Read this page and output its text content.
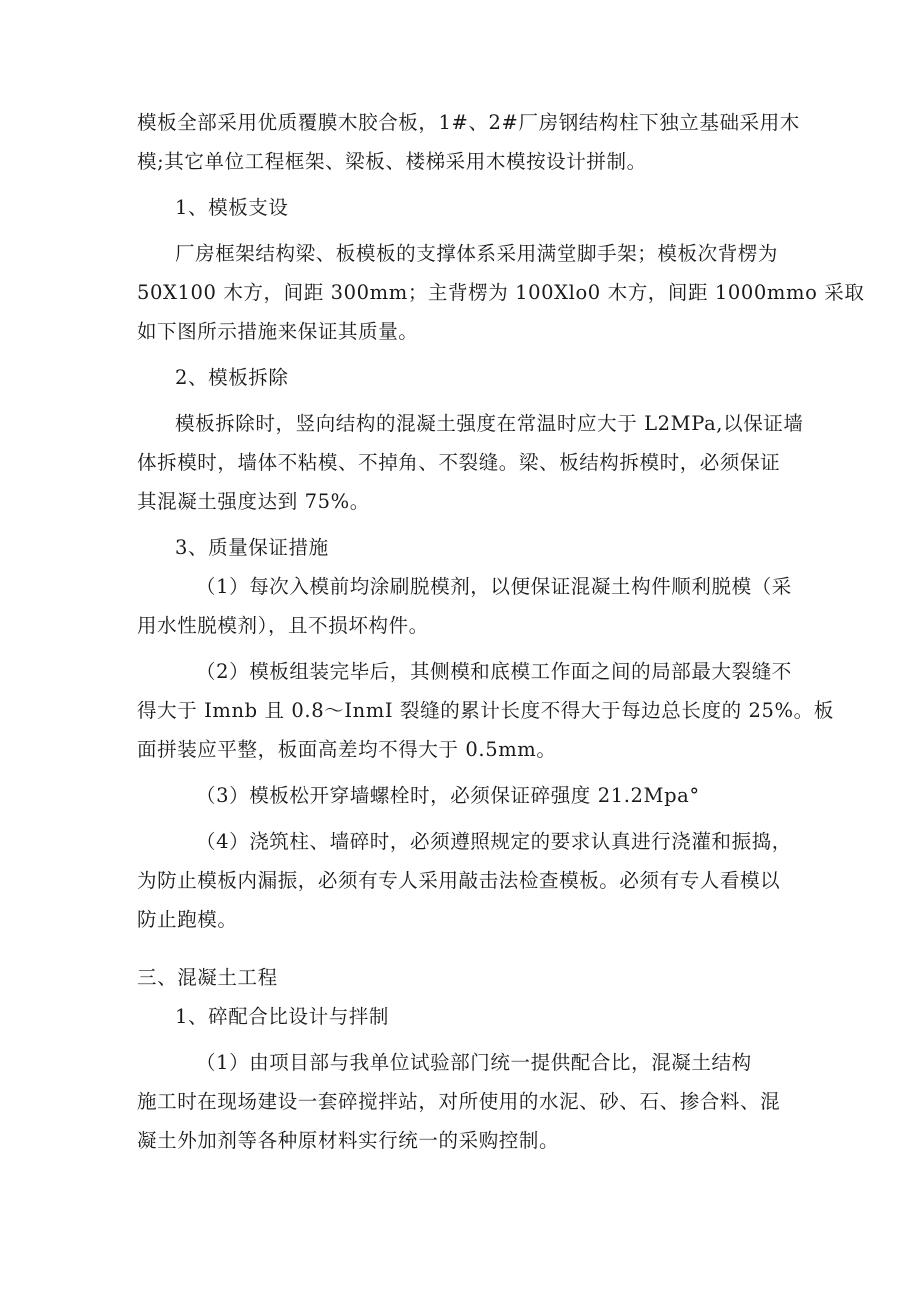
模板全部采用优质覆膜木胶合板，1#、2#厂房钢结构柱下独立基础采用木
模;其它单位工程框架、梁板、楼梯采用木模按设计拼制。
1、模板支设
厂房框架结构梁、板模板的支撑体系采用满堂脚手架；模板次背楞为
50X100 木方，间距 300mm；主背楞为 100Xlo0 木方，间距 1000mmo 采取
如下图所示措施来保证其质量。
2、模板拆除
模板拆除时，竖向结构的混凝土强度在常温时应大于 L2MPa,以保证墙
体拆模时，墙体不粘模、不掉角、不裂缝。梁、板结构拆模时，必须保证
其混凝土强度达到 75%。
3、质量保证措施
（1）每次入模前均涂刷脱模剂，以便保证混凝土构件顺利脱模（采
用水性脱模剂），且不损坏构件。
（2）模板组装完毕后，其侧模和底模工作面之间的局部最大裂缝不
得大于 Imnb 且 0.8～InmI 裂缝的累计长度不得大于每边总长度的 25%。板
面拼装应平整，板面高差均不得大于 0.5mm。
（3）模板松开穿墙螺栓时，必须保证碎强度 21.2Mpa°
（4）浇筑柱、墙碎时，必须遵照规定的要求认真进行浇灌和振捣，
为防止模板内漏振，必须有专人采用敲击法检查模板。必须有专人看模以
防止跑模。
三、混凝土工程
1、碎配合比设计与拌制
（1）由项目部与我单位试验部门统一提供配合比，混凝土结构
施工时在现场建设一套碎搅拌站，对所使用的水泥、砂、石、掺合料、混
凝土外加剂等各种原材料实行统一的采购控制。
